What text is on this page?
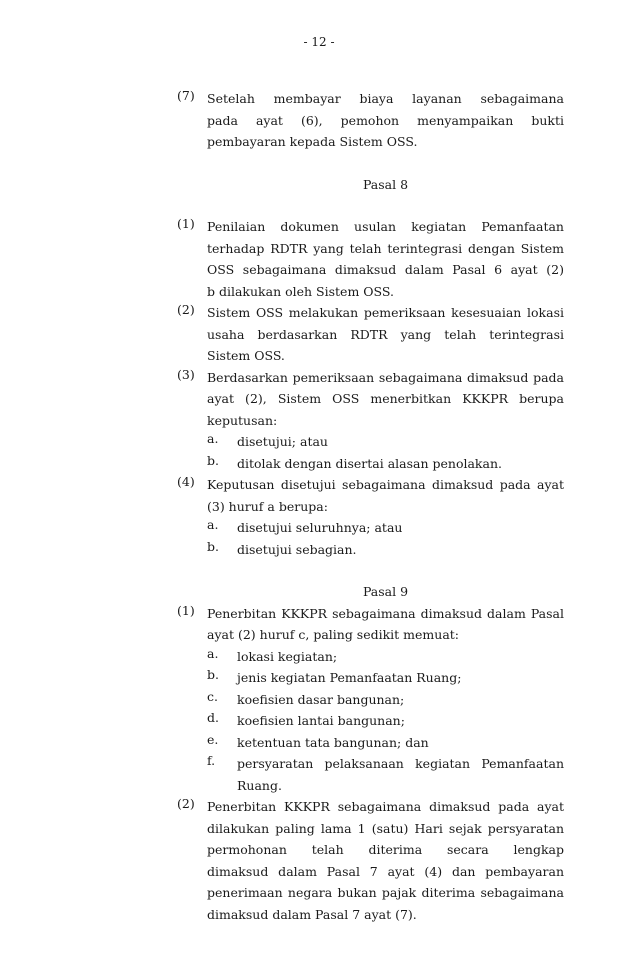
- 12 -
(7) Setelah membayar biaya layanan sebagaimana
pada ayat (6), pemohon menyampaikan bukti
pembayaran kepada Sistem OSS.
Pasal 8
(1) Penilaian dokumen usulan kegiatan Pemanfaatan
terhadap RDTR yang telah terintegrasi dengan Sistem
OSS sebagaimana dimaksud dalam Pasal 6 ayat (2)
b dilakukan oleh Sistem OSS.
(2) Sistem OSS melakukan pemeriksaan kesesuaian lokasi
usaha berdasarkan RDTR yang telah terintegrasi
Sistem OSS.
(3) Berdasarkan pemeriksaan sebagaimana dimaksud pada
ayat (2), Sistem OSS menerbitkan KKKPR berupa
keputusan:
a. disetujui; atau
b. ditolak dengan disertai alasan penolakan.
(4) Keputusan disetujui sebagaimana dimaksud pada ayat
(3) huruf a berupa:
a. disetujui seluruhnya; atau
b. disetujui sebagian.
Pasal 9
(1) Penerbitan KKKPR sebagaimana dimaksud dalam Pasal
ayat (2) huruf c, paling sedikit memuat:
a. lokasi kegiatan;
b. jenis kegiatan Pemanfaatan Ruang;
c. koefisien dasar bangunan;
d. koefisien lantai bangunan;
e. ketentuan tata bangunan; dan
f. persyaratan pelaksanaan kegiatan Pemanfaatan
Ruang.
(2) Penerbitan KKKPR sebagaimana dimaksud pada ayat
dilakukan paling lama 1 (satu) Hari sejak persyaratan
permohonan telah diterima secara lengkap
dimaksud dalam Pasal 7 ayat (4) dan pembayaran
penerimaan negara bukan pajak diterima sebagaimana
dimaksud dalam Pasal 7 ayat (7).
